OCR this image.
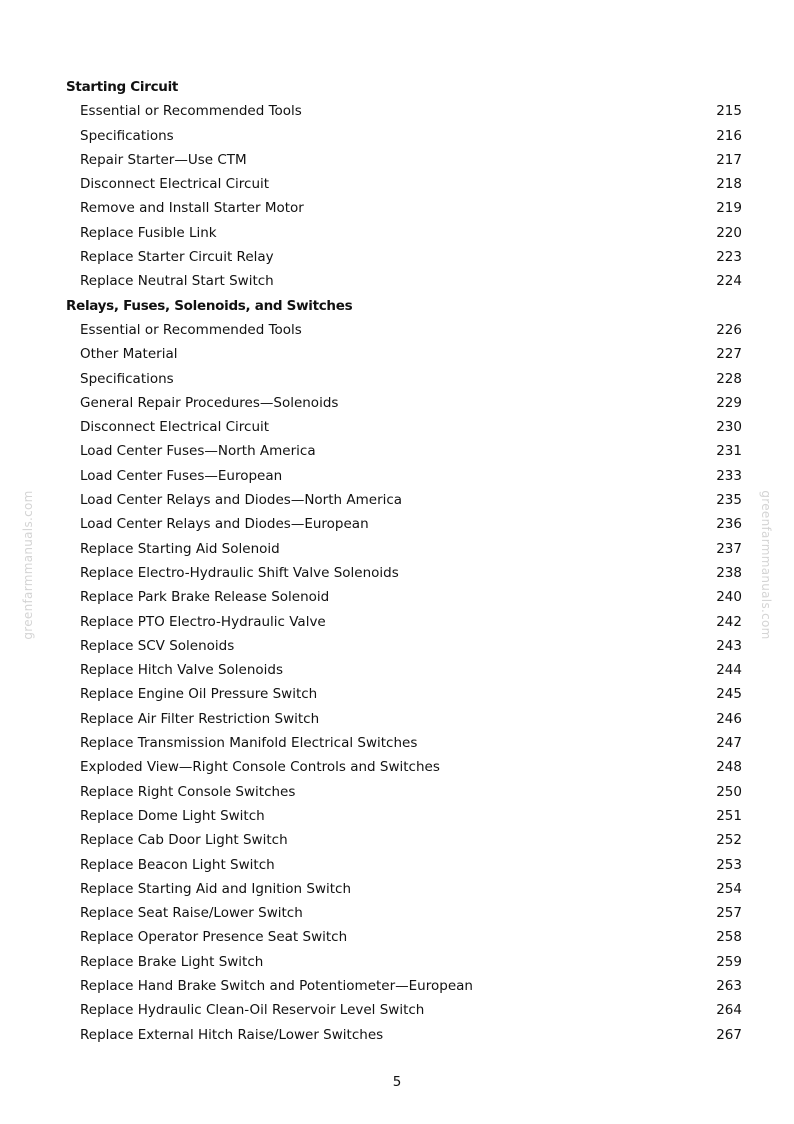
greenfarmmanuals.com	greenfarmmanuals.com
Starting Circuit
Essential or Recommended Tools	215
Specifications	216
Repair Starter—Use CTM	217
Disconnect Electrical Circuit	218
Remove and Install Starter Motor	219
Replace Fusible Link	220
Replace Starter Circuit Relay	223
Replace Neutral Start Switch	224
Relays, Fuses, Solenoids, and Switches
Essential or Recommended Tools	226
Other Material	227
Specifications	228
General Repair Procedures—Solenoids	229
Disconnect Electrical Circuit	230
Load Center Fuses—North America	231
Load Center Fuses—European	233
Load Center Relays and Diodes—North America	235
Load Center Relays and Diodes—European	236
Replace Starting Aid Solenoid	237
Replace Electro-Hydraulic Shift Valve Solenoids	238
Replace Park Brake Release Solenoid	240
Replace PTO Electro-Hydraulic Valve	242
Replace SCV Solenoids	243
Replace Hitch Valve Solenoids	244
Replace Engine Oil Pressure Switch	245
Replace Air Filter Restriction Switch	246
Replace Transmission Manifold Electrical Switches	247
Exploded View—Right Console Controls and Switches	248
Replace Right Console Switches	250
Replace Dome Light Switch	251
Replace Cab Door Light Switch	252
Replace Beacon Light Switch	253
Replace Starting Aid and Ignition Switch	254
Replace Seat Raise/Lower Switch	257
Replace Operator Presence Seat Switch	258
Replace Brake Light Switch	259
Replace Hand Brake Switch and Potentiometer—European	263
Replace Hydraulic Clean-Oil Reservoir Level Switch	264
Replace External Hitch Raise/Lower Switches	267
5
